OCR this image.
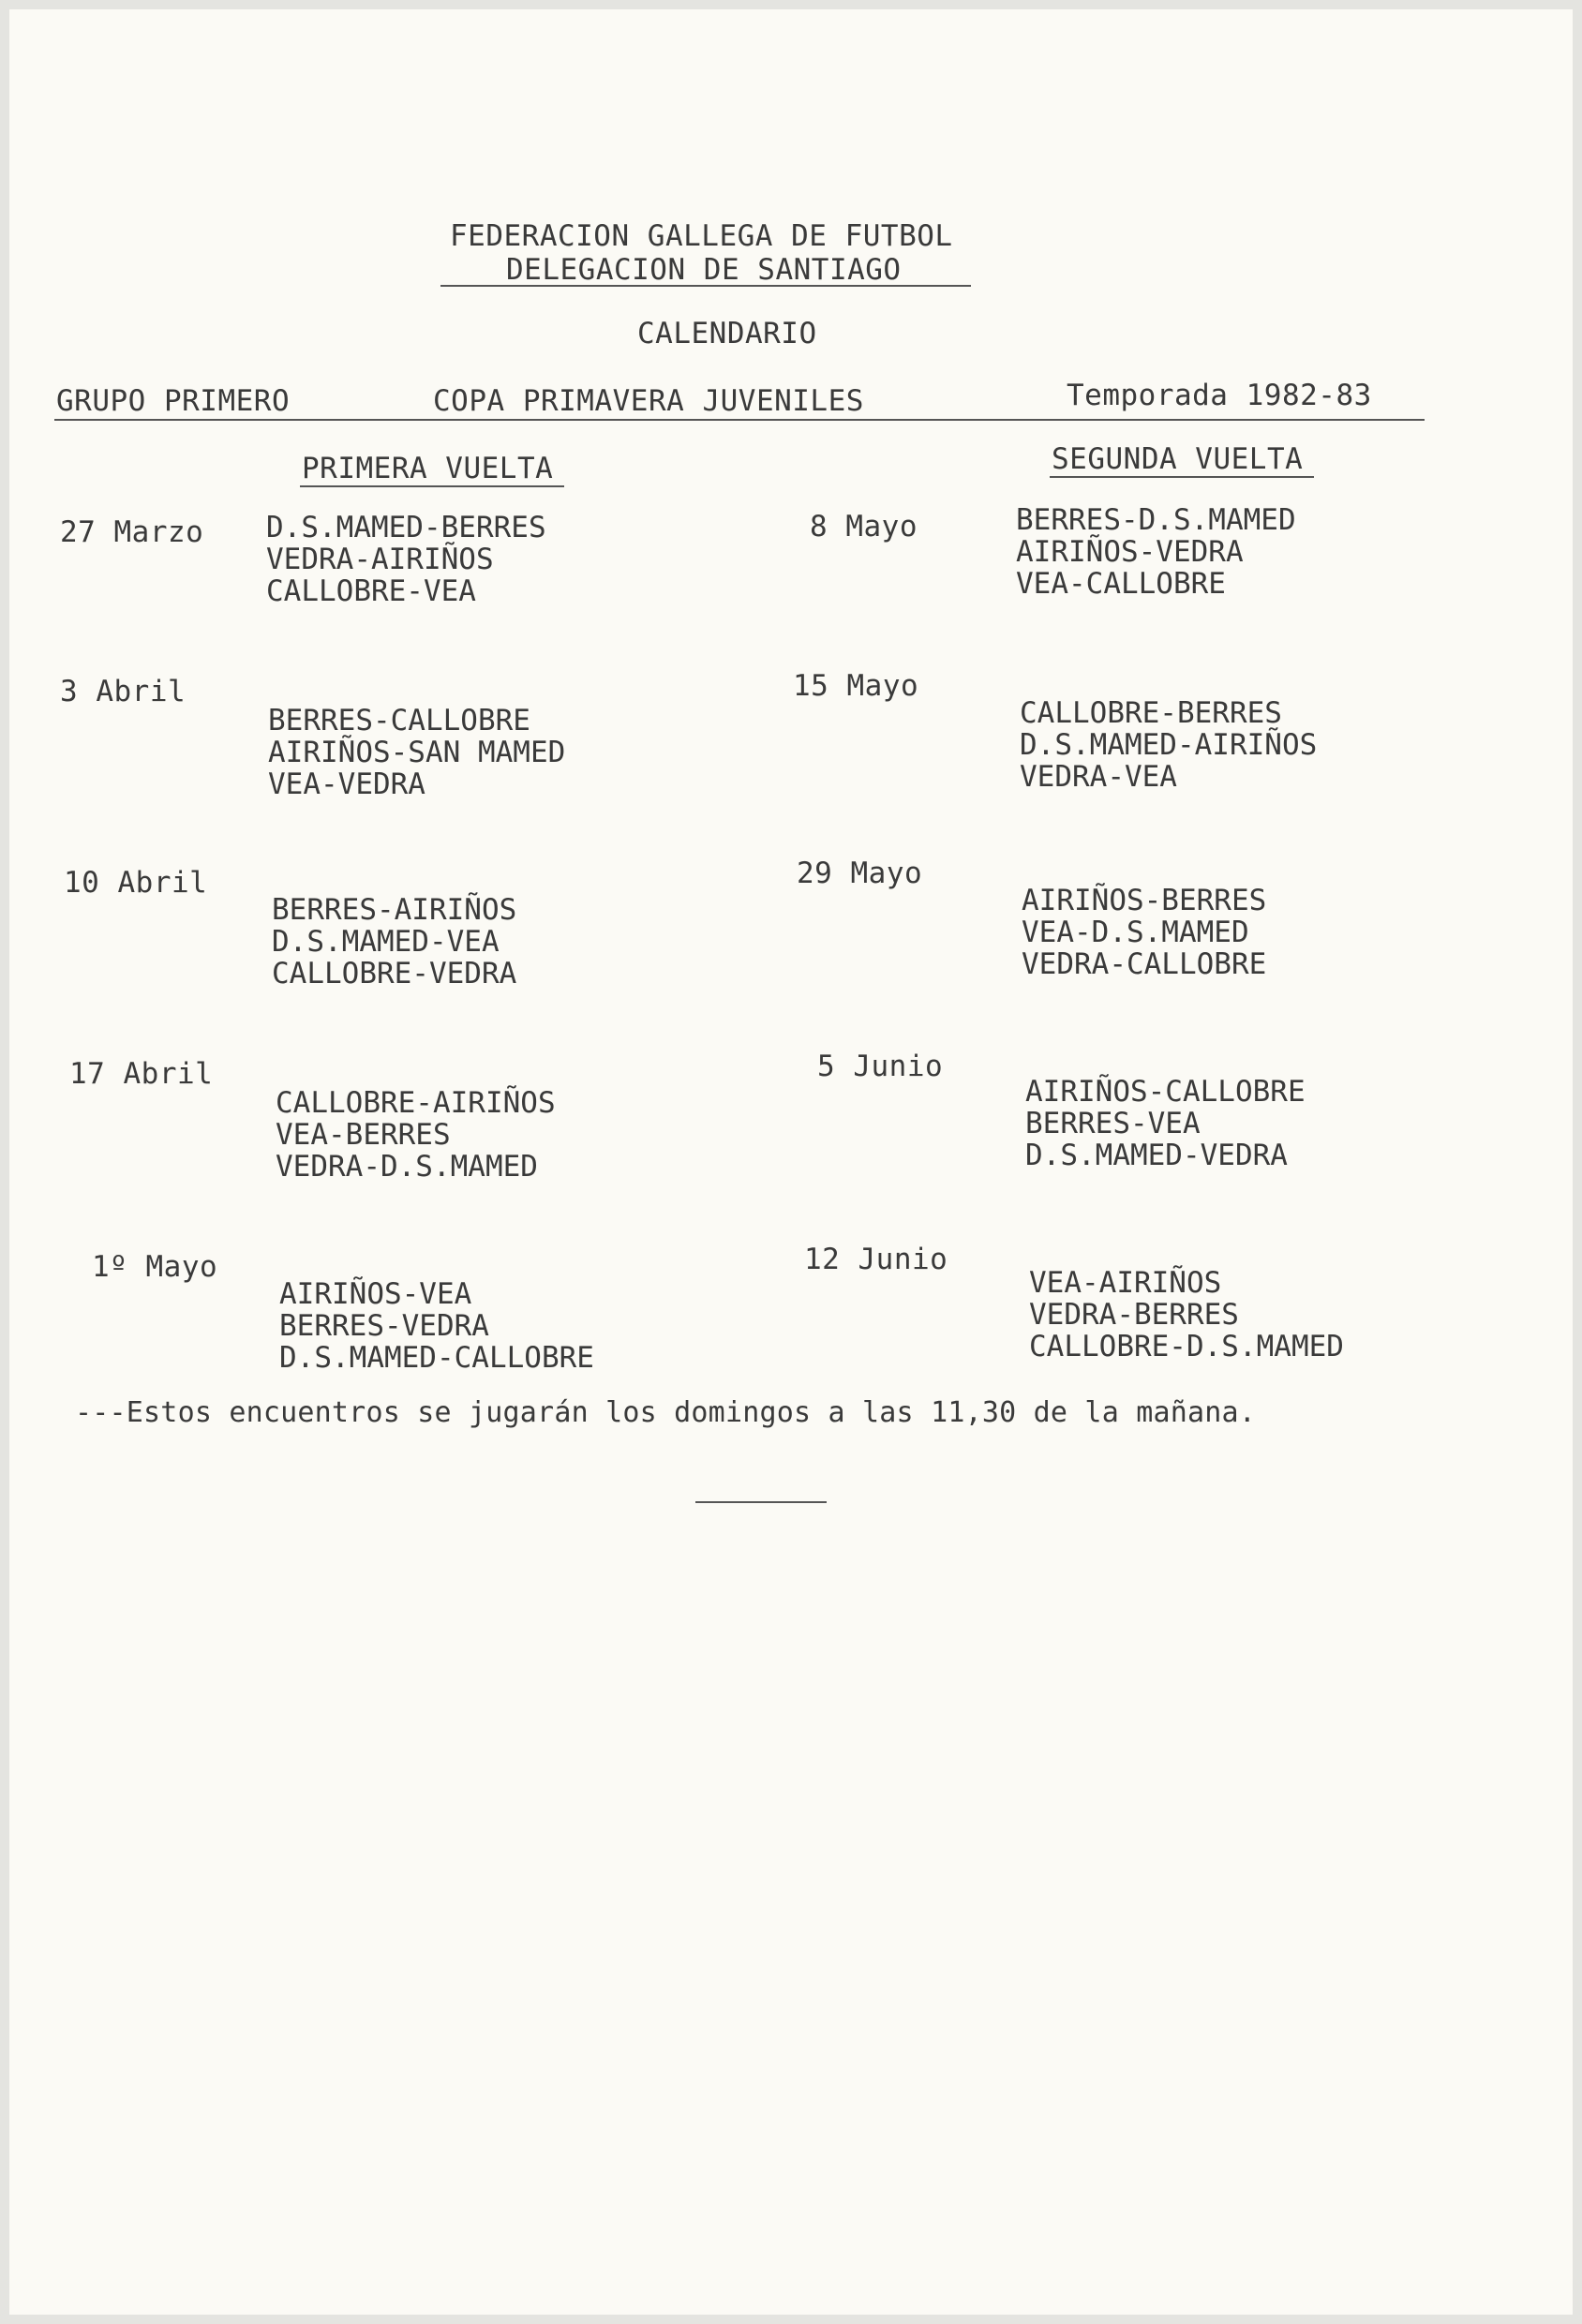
FEDERACION GALLEGA DE FUTBOL
DELEGACION DE SANTIAGO
CALENDARIO
GRUPO PRIMERO	COPA PRIMAVERA JUVENILES	Temporada 1982-83
PRIMERA VUELTA	SEGUNDA VUELTA
27 Marzo D.S.MAMED-BERRES
VEDRA-AIRIÑOS
CALLOBRE-VEA
8 Mayo	BERRES-D.S.MAMED
AIRIÑOS-VEDRA
VEA-CALLOBRE
3 Abril
BERRES-CALLOBRE
AIRIÑOS-SAN MAMED
VEA-VEDRA
15 Mayo
CALLOBRE-BERRES
D.S.MAMED-AIRIÑOS
VEDRA-VEA
10 Abril
BERRES-AIRIÑOS
D.S.MAMED-VEA
CALLOBRE-VEDRA
29 Mayo
AIRIÑOS-BERRES
VEA-D.S.MAMED
VEDRA-CALLOBRE
17 Abril
CALLOBRE-AIRIÑOS
VEA-BERRES
VEDRA-D.S.MAMED
5 Junio
AIRIÑOS-CALLOBRE
BERRES-VEA
D.S.MAMED-VEDRA
1º Mayo
AIRIÑOS-VEA
BERRES-VEDRA
D.S.MAMED-CALLOBRE
12 Junio
VEA-AIRIÑOS
VEDRA-BERRES
CALLOBRE-D.S.MAMED
---Estos encuentros se jugarán los domingos a las 11,30 de la mañana.
